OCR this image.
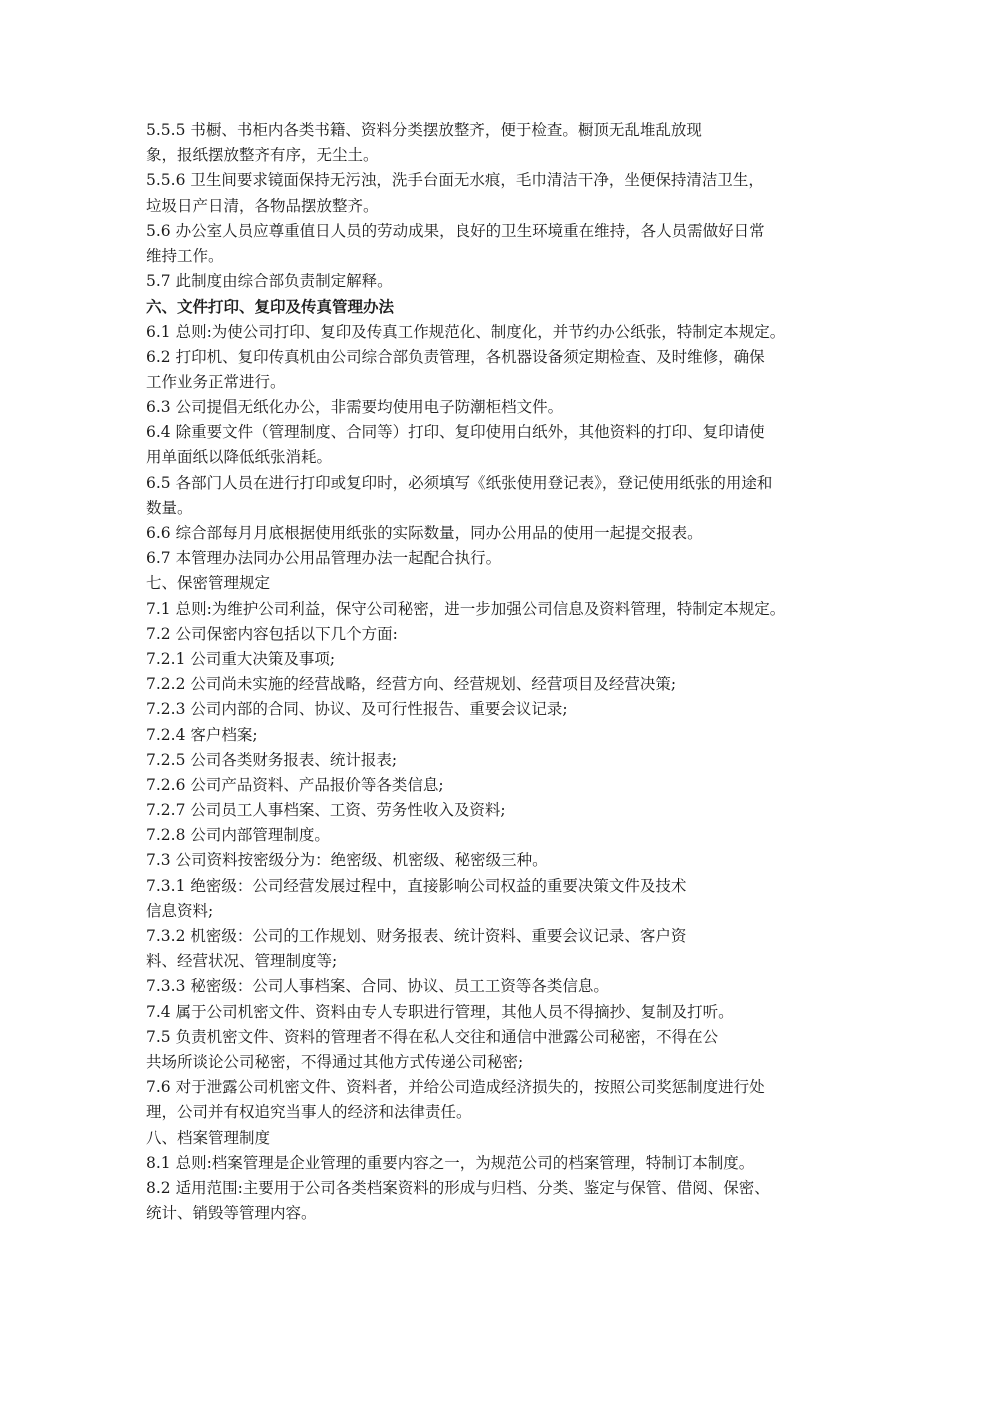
5.5.5 书橱、书柜内各类书籍、资料分类摆放整齐，便于检查。橱顶无乱堆乱放现
象，报纸摆放整齐有序，无尘土。
5.5.6 卫生间要求镜面保持无污浊，洗手台面无水痕，毛巾清洁干净，坐便保持清洁卫生，
垃圾日产日清，各物品摆放整齐。
5.6 办公室人员应尊重值日人员的劳动成果，良好的卫生环境重在维持，各人员需做好日常
维持工作。
5.7 此制度由综合部负责制定解释。
六、文件打印、复印及传真管理办法
6.1 总则:为使公司打印、复印及传真工作规范化、制度化，并节约办公纸张，特制定本规定。
6.2 打印机、复印传真机由公司综合部负责管理，各机器设备须定期检查、及时维修，确保
工作业务正常进行。
6.3 公司提倡无纸化办公，非需要均使用电子防潮柜档文件。
6.4 除重要文件（管理制度、合同等）打印、复印使用白纸外，其他资料的打印、复印请使
用单面纸以降低纸张消耗。
6.5 各部门人员在进行打印或复印时，必须填写《纸张使用登记表》，登记使用纸张的用途和
数量。
6.6 综合部每月月底根据使用纸张的实际数量，同办公用品的使用一起提交报表。
6.7 本管理办法同办公用品管理办法一起配合执行。
七、保密管理规定
7.1 总则:为维护公司利益，保守公司秘密，进一步加强公司信息及资料管理，特制定本规定。
7.2 公司保密内容包括以下几个方面:
7.2.1 公司重大决策及事项;
7.2.2 公司尚未实施的经营战略，经营方向、经营规划、经营项目及经营决策;
7.2.3 公司内部的合同、协议、及可行性报告、重要会议记录;
7.2.4 客户档案;
7.2.5 公司各类财务报表、统计报表;
7.2.6 公司产品资料、产品报价等各类信息;
7.2.7 公司员工人事档案、工资、劳务性收入及资料;
7.2.8 公司内部管理制度。
7.3 公司资料按密级分为：绝密级、机密级、秘密级三种。
7.3.1 绝密级：公司经营发展过程中，直接影响公司权益的重要决策文件及技术
信息资料;
7.3.2 机密级：公司的工作规划、财务报表、统计资料、重要会议记录、客户资
料、经营状况、管理制度等;
7.3.3 秘密级：公司人事档案、合同、协议、员工工资等各类信息。
7.4 属于公司机密文件、资料由专人专职进行管理，其他人员不得摘抄、复制及打听。
7.5 负责机密文件、资料的管理者不得在私人交往和通信中泄露公司秘密，不得在公
共场所谈论公司秘密，不得通过其他方式传递公司秘密;
7.6 对于泄露公司机密文件、资料者，并给公司造成经济损失的，按照公司奖惩制度进行处
理，公司并有权追究当事人的经济和法律责任。
八、档案管理制度
8.1 总则:档案管理是企业管理的重要内容之一，为规范公司的档案管理，特制订本制度。
8.2 适用范围:主要用于公司各类档案资料的形成与归档、分类、鉴定与保管、借阅、保密、
统计、销毁等管理内容。
